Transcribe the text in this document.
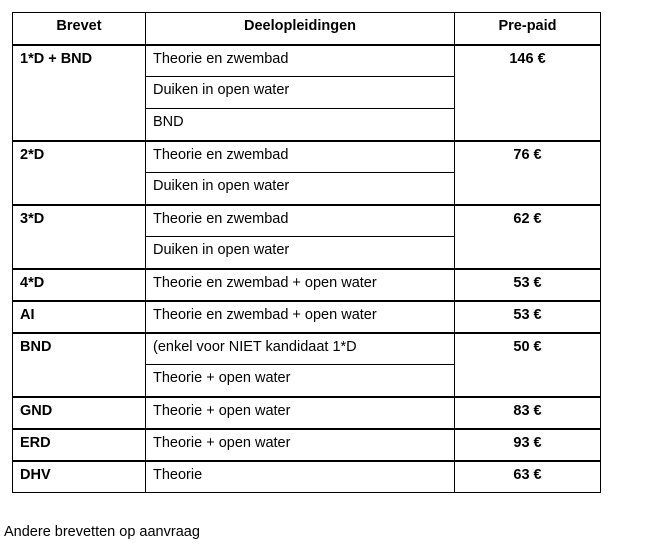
Brevet	Deelopleidingen	Pre-paid
1*D + BND	Theorie en zwembad	146 €
	Duiken in open water	
	BND	
2*D	Theorie en zwembad	76 €
	Duiken in open water	
3*D	Theorie en zwembad	62 €
	Duiken in open water	
4*D	Theorie en zwembad + open water	53 €
AI	Theorie en zwembad + open water	53 €
BND	(enkel voor NIET kandidaat 1*D	50 €
	Theorie + open water	
GND	Theorie + open water	83 €
ERD	Theorie + open water	93 €
DHV	Theorie	63 €
Andere brevetten op aanvraag
